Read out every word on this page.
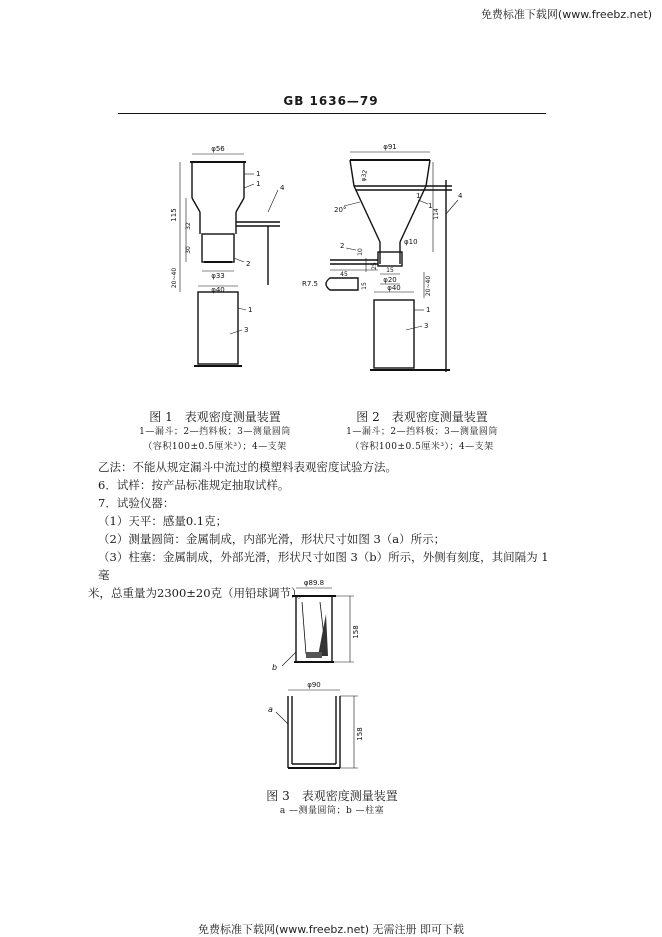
免费标准下载网(www.freebz.net)
GB 1636—79
φ56
115
32
30
20~40	φ33
φ40
1
1	4
2
1
3
φ91
φ32
20°	114
10
φ10
25
15
45
15
φ20
φ40	20~40
R7.5
1
1	4
2
1
3
图 1　表观密度测量装置
1—漏斗；2—挡料板；3—测量圆筒
（容积100±0.5厘米³）；4—支架
图 2　表观密度测量装置
1—漏斗；2—挡料板；3—测量圆筒
（容积100±0.5厘米³）；4—支架

乙法：不能从规定漏斗中流过的模塑料表观密度试验方法。

6．试样：按产品标准规定抽取试样。

7．试验仪器：

（1）天平：感量0.1克；

（2）测量圆筒：金属制成，内部光滑，形状尺寸如图 3（a）所示；

（3）柱塞：金属制成，外部光滑，形状尺寸如图 3（b）所示，外侧有刻度，其间隔为 1 毫

米，总重量为2300±20克（用铅球调节）。

φ89.8
158
φ90
158
b
a
图 3　表观密度测量装置
a —测量圆筒；b —柱塞
免费标准下载网(www.freebz.net) 无需注册 即可下载
